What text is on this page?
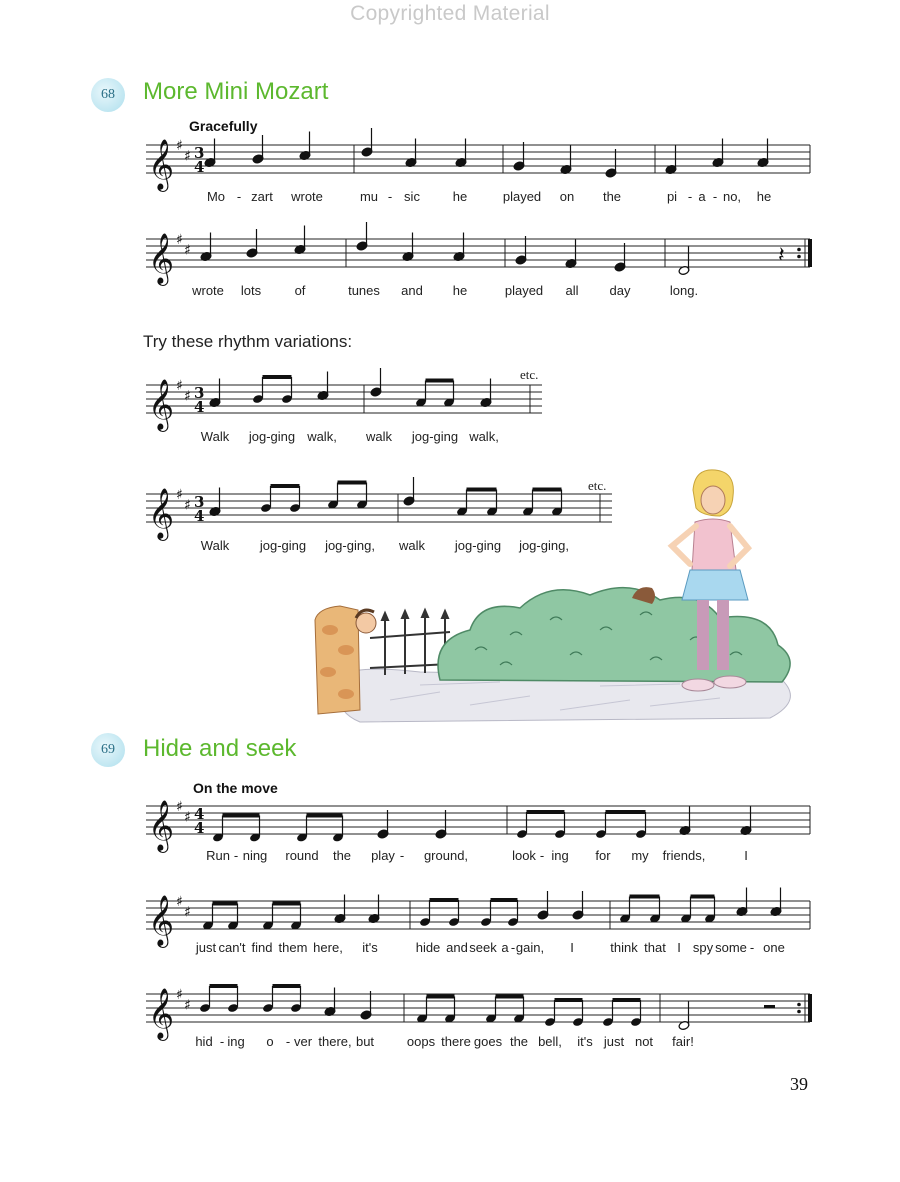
Copyrighted Material
68	More Mini Mozart
Gracefully
Try these rhythm variations:
69	Hide and seek
On the move
𝄞 ♯
♯ 3
4
𝄞 ♯
♯	𝄽
𝄞 ♯
♯ 3
4
𝄞 ♯
♯ 3
4
𝄞 ♯
♯ 4
4
𝄞 ♯
♯
𝄞 ♯
♯
39
Mo - zart wrote	mu - sic	he	played on the	pi - a - no, he
wrote lots	of	tunes and he	played all day	long.
Walk jog-ging walk, walk jog-ging walk,
etc.
Walk jog-ging jog-ging, walk jog-ging jog-ging,
etc.
Run - ning round the play - ground,	look - ing for my friends,	I
just can't find them here, it's	hide and seek a - gain, I	think that I spy some - one
hid - ing o - ver there, but	oops there goes the bell, it's just not fair!
